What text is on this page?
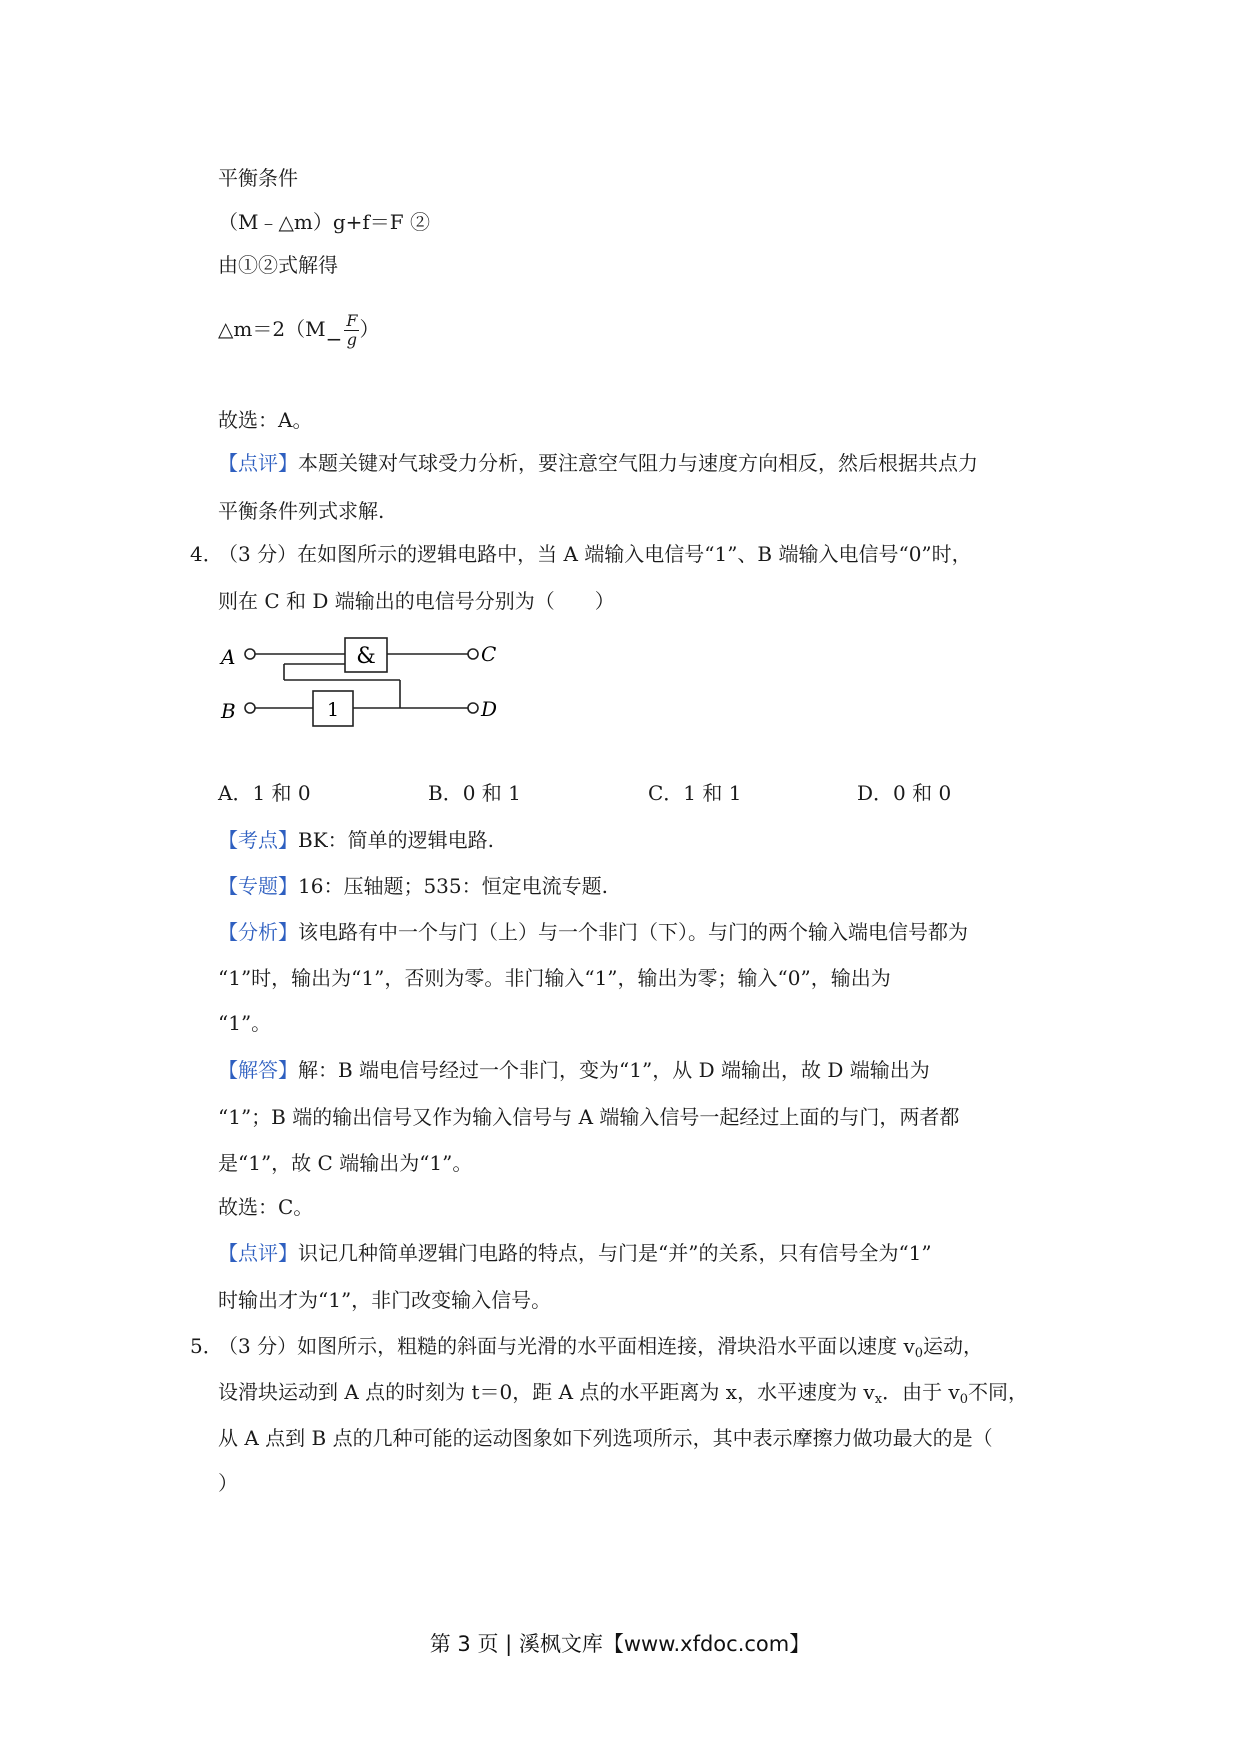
平衡条件
（M﹣△m）g+f＝F ②
由①②式解得
△m＝2（M− $\frac{F}{g}$ ）
故选：A。
【点评】本题关键对气球受力分析，要注意空气阻力与速度方向相反，然后根据共点力
平衡条件列式求解.
4．
（3 分）在如图所示的逻辑电路中，当 A 端输入电信号“1”、B 端输入电信号“0”时，
则在 C 和 D 端输出的电信号分别为（　　）
A
B
C
D
&
1
A．1 和 0	B．0 和 1	C．1 和 1	D．0 和 0
【考点】BK：简单的逻辑电路.
【专题】16：压轴题；535：恒定电流专题.
【分析】该电路有中一个与门（上）与一个非门（下）。与门的两个输入端电信号都为
“1”时，输出为“1”，否则为零。非门输入“1”，输出为零；输入“0”，输出为
“1”。
【解答】解：B 端电信号经过一个非门，变为“1”，从 D 端输出，故 D 端输出为
“1”；B 端的输出信号又作为输入信号与 A 端输入信号一起经过上面的与门，两者都
是“1”，故 C 端输出为“1”。
故选：C。
【点评】识记几种简单逻辑门电路的特点，与门是“并”的关系，只有信号全为“1”
时输出才为“1”，非门改变输入信号。
5．
（3 分）如图所示，粗糙的斜面与光滑的水平面相连接，滑块沿水平面以速度 $v_0$运动，
设滑块运动到 A 点的时刻为 t＝0，距 A 点的水平距离为 x，水平速度为 $v_x$．由于 $v_0$不同，
从 A 点到 B 点的几种可能的运动图象如下列选项所示，其中表示摩擦力做功最大的是（
）
第 3 页 | 溪枫文库【www.xfdoc.com】
